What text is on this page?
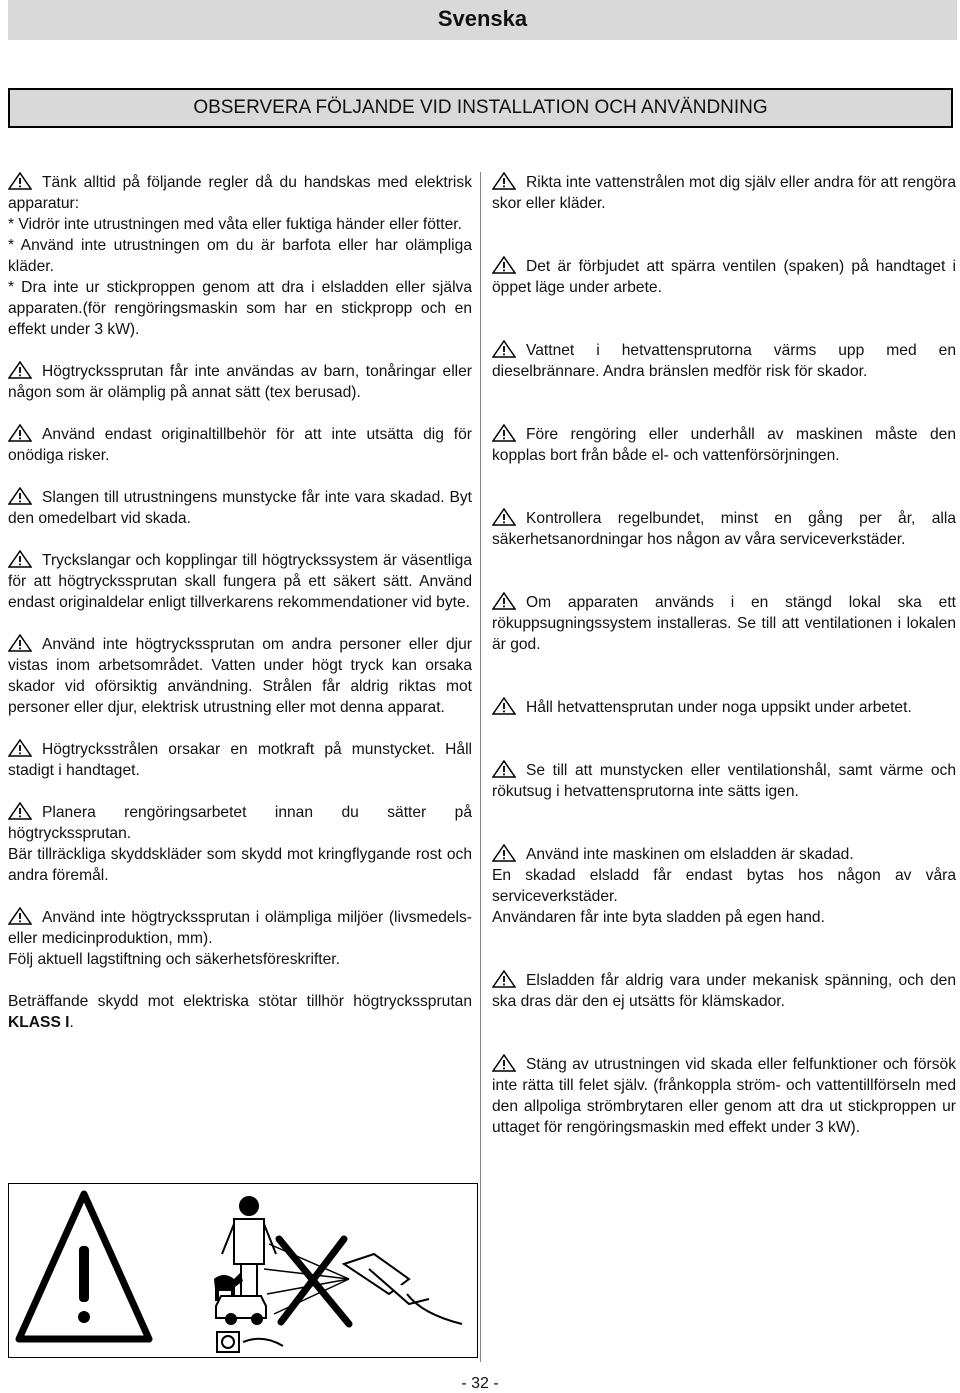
Svenska
OBSERVERA FÖLJANDE VID INSTALLATION OCH ANVÄNDNING

Tänk alltid på följande regler då du handskas med elektrisk apparatur:
* Vidrör inte utrustningen med våta eller fuktiga händer eller fötter.
* Använd inte utrustningen om du är barfota eller har olämpliga kläder.
* Dra inte ur stickproppen genom att dra i elsladden eller själva apparaten.(för rengöringsmaskin som har en stickpropp och en effekt under 3 kW).

Högtryckssprutan får inte användas av barn, tonåringar eller någon som är olämplig på annat sätt (tex berusad).

Använd endast originaltillbehör för att inte utsätta dig för onödiga risker.

Slangen till utrustningens munstycke får inte vara skadad. Byt den omedelbart vid skada.

Tryckslangar och kopplingar till högtryckssystem är väsentliga för att högtryckssprutan skall fungera på ett säkert sätt. Använd endast originaldelar enligt tillverkarens rekommendationer vid byte.

Använd inte högtryckssprutan om andra personer eller djur vistas inom arbetsområdet. Vatten under högt tryck kan orsaka skador vid oförsiktig användning. Strålen får aldrig riktas mot personer eller djur, elektrisk utrustning eller mot denna apparat.

Högtrycksstrålen orsakar en motkraft på munstycket. Håll stadigt i handtaget.

Planera rengöringsarbetet innan du sätter på högtryckssprutan.
Bär tillräckliga skyddskläder som skydd mot kringflygande rost och andra föremål.

Använd inte högtryckssprutan i olämpliga miljöer (livsmedels- eller medicinproduktion, mm).
Följ aktuell lagstiftning och säkerhetsföreskrifter.

Beträffande skydd mot elektriska stötar tillhör högtryckssprutan KLASS I.

Rikta inte vattenstrålen mot dig själv eller andra för att rengöra skor eller kläder.

Det är förbjudet att spärra ventilen (spaken) på handtaget i öppet läge under arbete.

Vattnet i hetvattensprutorna värms upp med en dieselbrännare. Andra bränslen medför risk för skador.

Före rengöring eller underhåll av maskinen måste den kopplas bort från både el- och vattenförsörjningen.

Kontrollera regelbundet, minst en gång per år, alla säkerhetsanordningar hos någon av våra serviceverkstäder.

Om apparaten används i en stängd lokal ska ett rökuppsugningssystem installeras. Se till att ventilationen i lokalen är god.

Håll hetvattensprutan under noga uppsikt under arbetet.

Se till att munstycken eller ventilationshål, samt värme och rökutsug i hetvattensprutorna inte sätts igen.

Använd inte maskinen om elsladden är skadad.
En skadad elsladd får endast bytas hos någon av våra serviceverkstäder.
Användaren får inte byta sladden på egen hand.

Elsladden får aldrig vara under mekanisk spänning, och den ska dras där den ej utsätts för klämskador.

Stäng av utrustningen vid skada eller felfunktioner och försök inte rätta till felet själv. (frånkoppla ström- och vattentillförseln med den allpoliga strömbrytaren eller genom att dra ut stickproppen ur uttaget för rengöringsmaskin med effekt under 3 kW).

- 32 -
